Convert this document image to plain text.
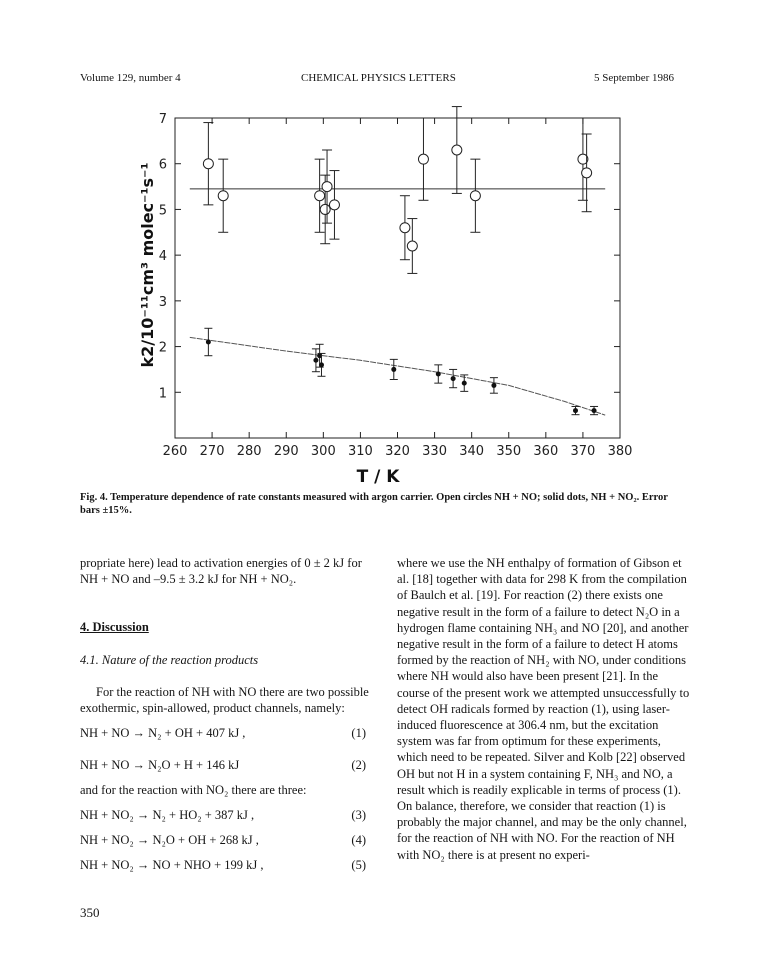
Volume 129, number 4	CHEMICAL PHYSICS LETTERS	5 September 1986
260 270 280 290 300 310 320 330 340 350 360 370 380
1
2
3
4
5
6
7
T / K
k2/10⁻¹¹cm³ molec⁻¹s⁻¹
Fig. 4. Temperature dependence of rate constants measured with argon carrier. Open circles NH + NO; solid dots, NH + NO₂. Error bars ±15%.

propriate here) lead to activation energies of 0 ± 2 kJ for NH + NO and –9.5 ± 3.2 kJ for NH + NO₂.

4. Discussion

4.1. Nature of the reaction products

For the reaction of NH with NO there are two possible exothermic, spin-allowed, product channels, namely:

NH + NO → N₂ + OH + 407 kJ ,	(1)
NH + NO → N₂O + H + 146 kJ	(2)

and for the reaction with NO₂ there are three:

NH + NO₂ → N₂ + HO₂ + 387 kJ ,	(3)
NH + NO₂ → N₂O + OH + 268 kJ ,	(4)
NH + NO₂ → NO + NHO + 199 kJ ,	(5)

where we use the NH enthalpy of formation of Gibson et al. [18] together with data for 298 K from the compilation of Baulch et al. [19]. For reaction (2) there exists one negative result in the form of a failure to detect N₂O in a hydrogen flame containing NH₃ and NO [20], and another negative result in the form of a failure to detect H atoms formed by the reaction of NH₂ with NO, under conditions where NH would also have been present [21]. In the course of the present work we attempted unsuccessfully to detect OH radicals formed by reaction (1), using laser-induced fluorescence at 306.4 nm, but the excitation system was far from optimum for these experiments, which need to be repeated. Silver and Kolb [22] observed OH but not H in a system containing F, NH₃ and NO, a result which is readily explicable in terms of process (1). On balance, therefore, we consider that reaction (1) is probably the major channel, and may be the only channel, for the reaction of NH with NO. For the reaction of NH with NO₂ there is at present no experi-

350
